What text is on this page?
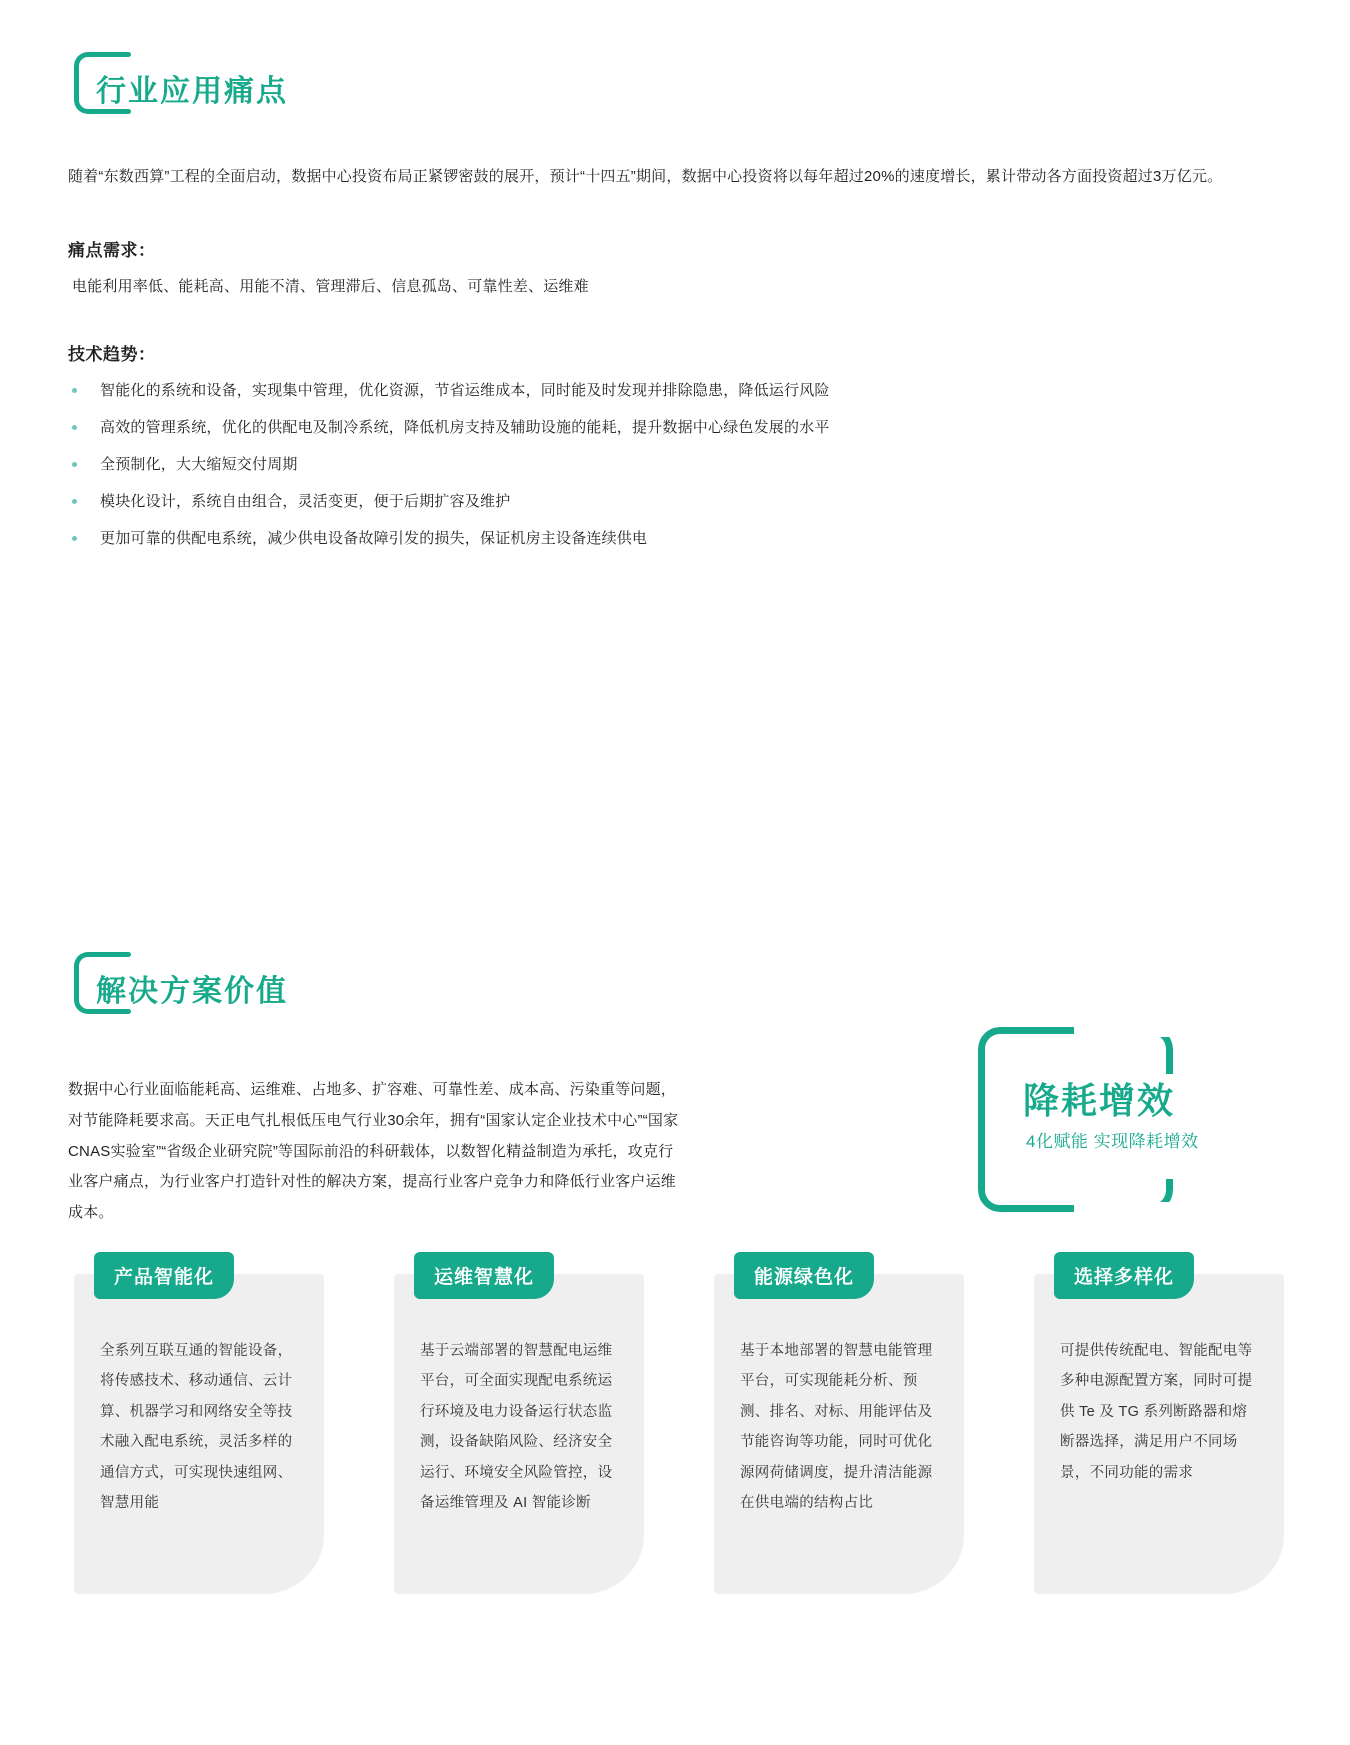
行业应用痛点

随着“东数西算”工程的全面启动，数据中心投资布局正紧锣密鼓的展开，预计“十四五”期间，数据中心投资将以每年超过20%的速度增长，累计带动各方面投资超过3万亿元。

痛点需求：
电能利用率低、能耗高、用能不清、管理滞后、信息孤岛、可靠性差、运维难
技术趋势：
智能化的系统和设备，实现集中管理，优化资源，节省运维成本，同时能及时发现并排除隐患，降低运行风险
高效的管理系统，优化的供配电及制冷系统，降低机房支持及辅助设施的能耗，提升数据中心绿色发展的水平
全预制化，大大缩短交付周期
模块化设计，系统自由组合，灵活变更，便于后期扩容及维护
更加可靠的供配电系统，减少供电设备故障引发的损失，保证机房主设备连续供电
解决方案价值

数据中心行业面临能耗高、运维难、占地多、扩容难、可靠性差、成本高、污染重等问题，对节能降耗要求高。天正电气扎根低压电气行业30余年，拥有“国家认定企业技术中心”“国家CNAS实验室”“省级企业研究院”等国际前沿的科研载体，以数智化精益制造为承托，攻克行业客户痛点，为行业客户打造针对性的解决方案，提高行业客户竞争力和降低行业客户运维成本。

降耗增效
4化赋能 实现降耗增效
产品智能化
全系列互联互通的智能设备，将传感技术、移动通信、云计算、机器学习和网络安全等技术融入配电系统，灵活多样的通信方式，可实现快速组网、智慧用能
运维智慧化
基于云端部署的智慧配电运维平台，可全面实现配电系统运行环境及电力设备运行状态监测，设备缺陷风险、经济安全运行、环境安全风险管控，设备运维管理及 AI 智能诊断
能源绿色化
基于本地部署的智慧电能管理平台，可实现能耗分析、预测、排名、对标、用能评估及节能咨询等功能，同时可优化源网荷储调度，提升清洁能源在供电端的结构占比
选择多样化
可提供传统配电、智能配电等多种电源配置方案，同时可提供 Te 及 TG 系列断路器和熔断器选择，满足用户不同场景，不同功能的需求
